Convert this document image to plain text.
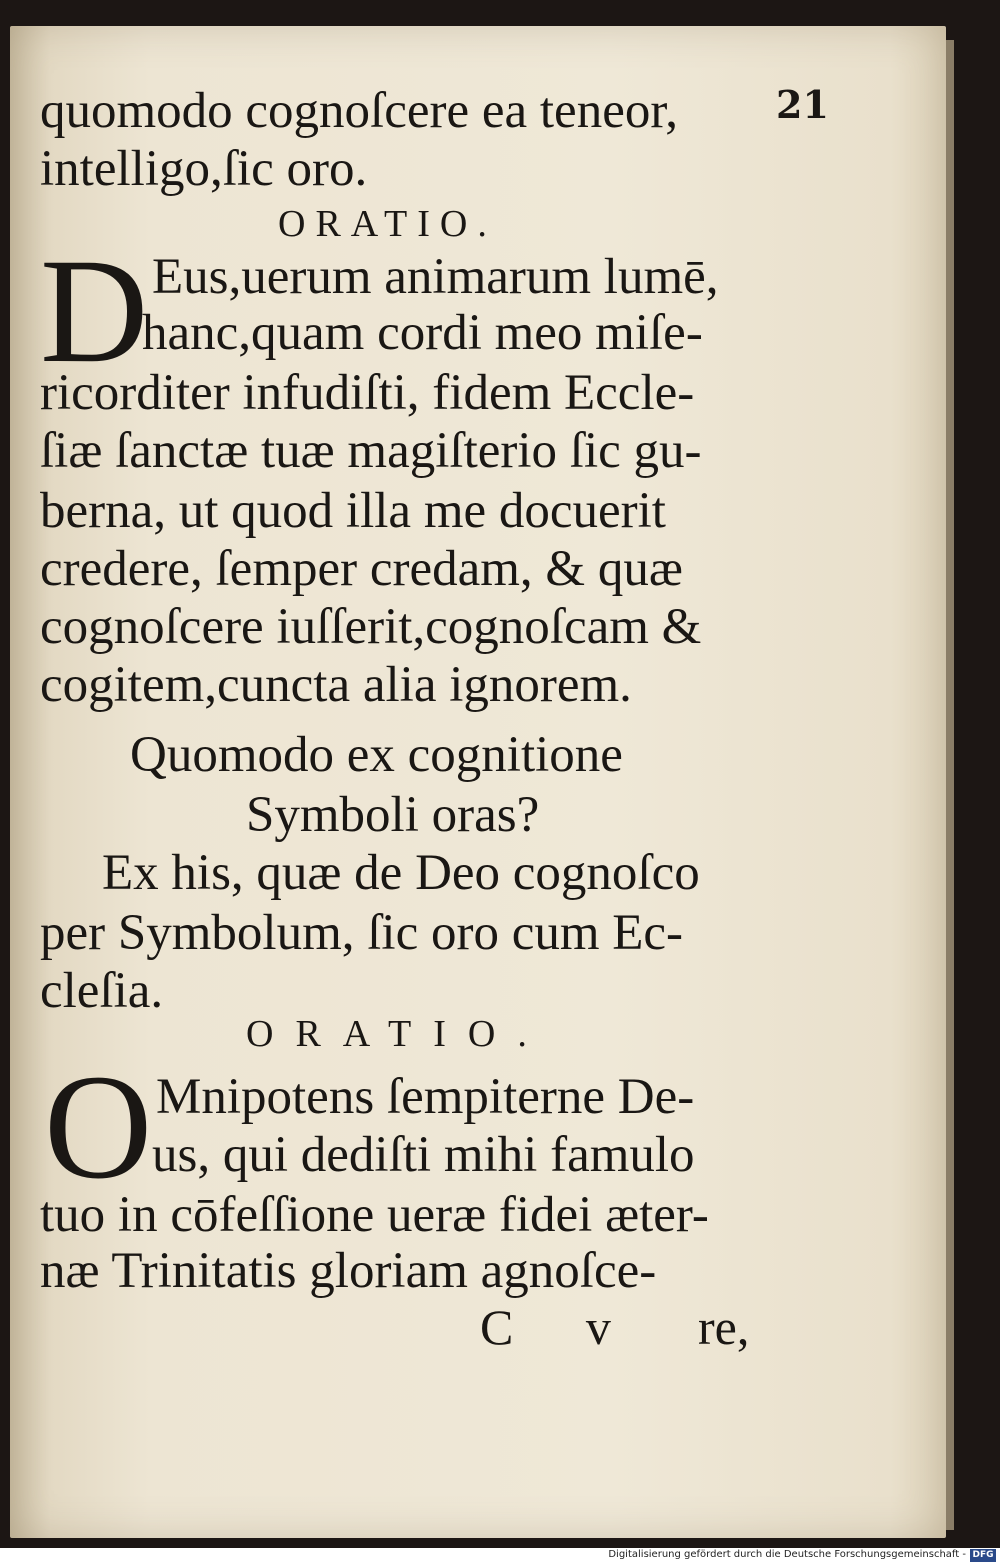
21
quomodo cognoſcere ea teneor,
intelligo,ſic oro.
ORATIO.
D Eus,uerum animarum lumē,
hanc,quam cordi meo miſe-
ricorditer infudiſti, fidem Eccle-
ſiæ ſanctæ tuæ magiſterio ſic gu-
berna, ut quod illa me docuerit
credere, ſemper credam, & quæ
cognoſcere iuſſerit,cognoſcam &
cogitem,cuncta alia ignorem.
Quomodo ex cognitione
Symboli oras?
Ex his, quæ de Deo cognoſco
per Symbolum, ſic oro cum Ec-
cleſia.
ORATIO.
O Mnipotens ſempiterne De-
us, qui dediſti mihi famulo
tuo in cōfeſſione ueræ fidei æter-
næ Trinitatis gloriam agnoſce-
C v re,
Digitalisierung gefördert durch die Deutsche Forschungsgemeinschaft - DFG
